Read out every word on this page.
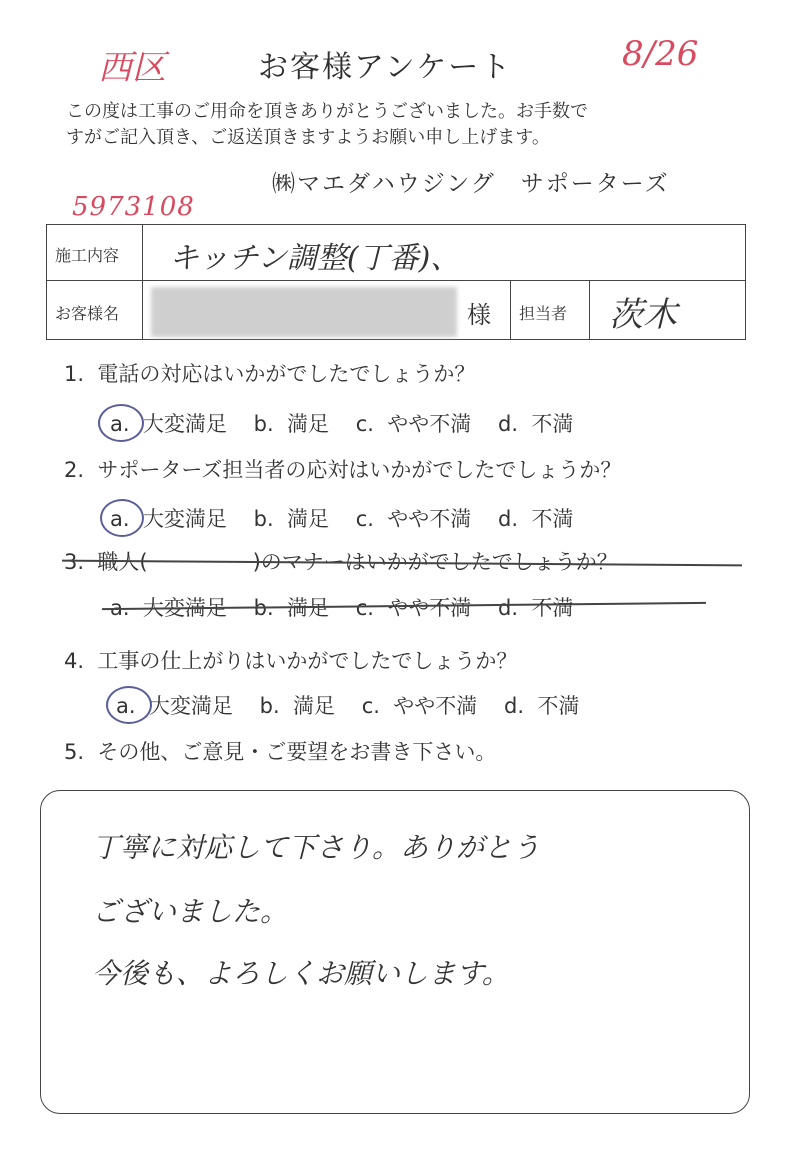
西区	お客様アンケート	8/26
この度は工事のご用命を頂きありがとうございました。お手数で
すがご記入頂き、ご返送頂きますようお願い申し上げます。
㈱マエダハウジング　サポーターズ
5973108
施工内容 キッチン調整(丁番)、
お客様名	様 担当者 茨木
1. 電話の対応はいかがでしたでしょうか？
a. 大変満足 b. 満足 c. やや不満 d. 不満
2. サポーターズ担当者の応対はいかがでしたでしょうか？
a. 大変満足 b. 満足 c. やや不満 d. 不満
3. 職人(　　　　　)のマナーはいかがでしたでしょうか？
a. 大変満足 b. 満足 c. やや不満 d. 不満
4. 工事の仕上がりはいかがでしたでしょうか？
a. 大変満足 b. 満足 c. やや不満 d. 不満
5. その他、ご意見・ご要望をお書き下さい。
丁寧に対応して下さり。ありがとう
ございました。
今後も、よろしくお願いします。
